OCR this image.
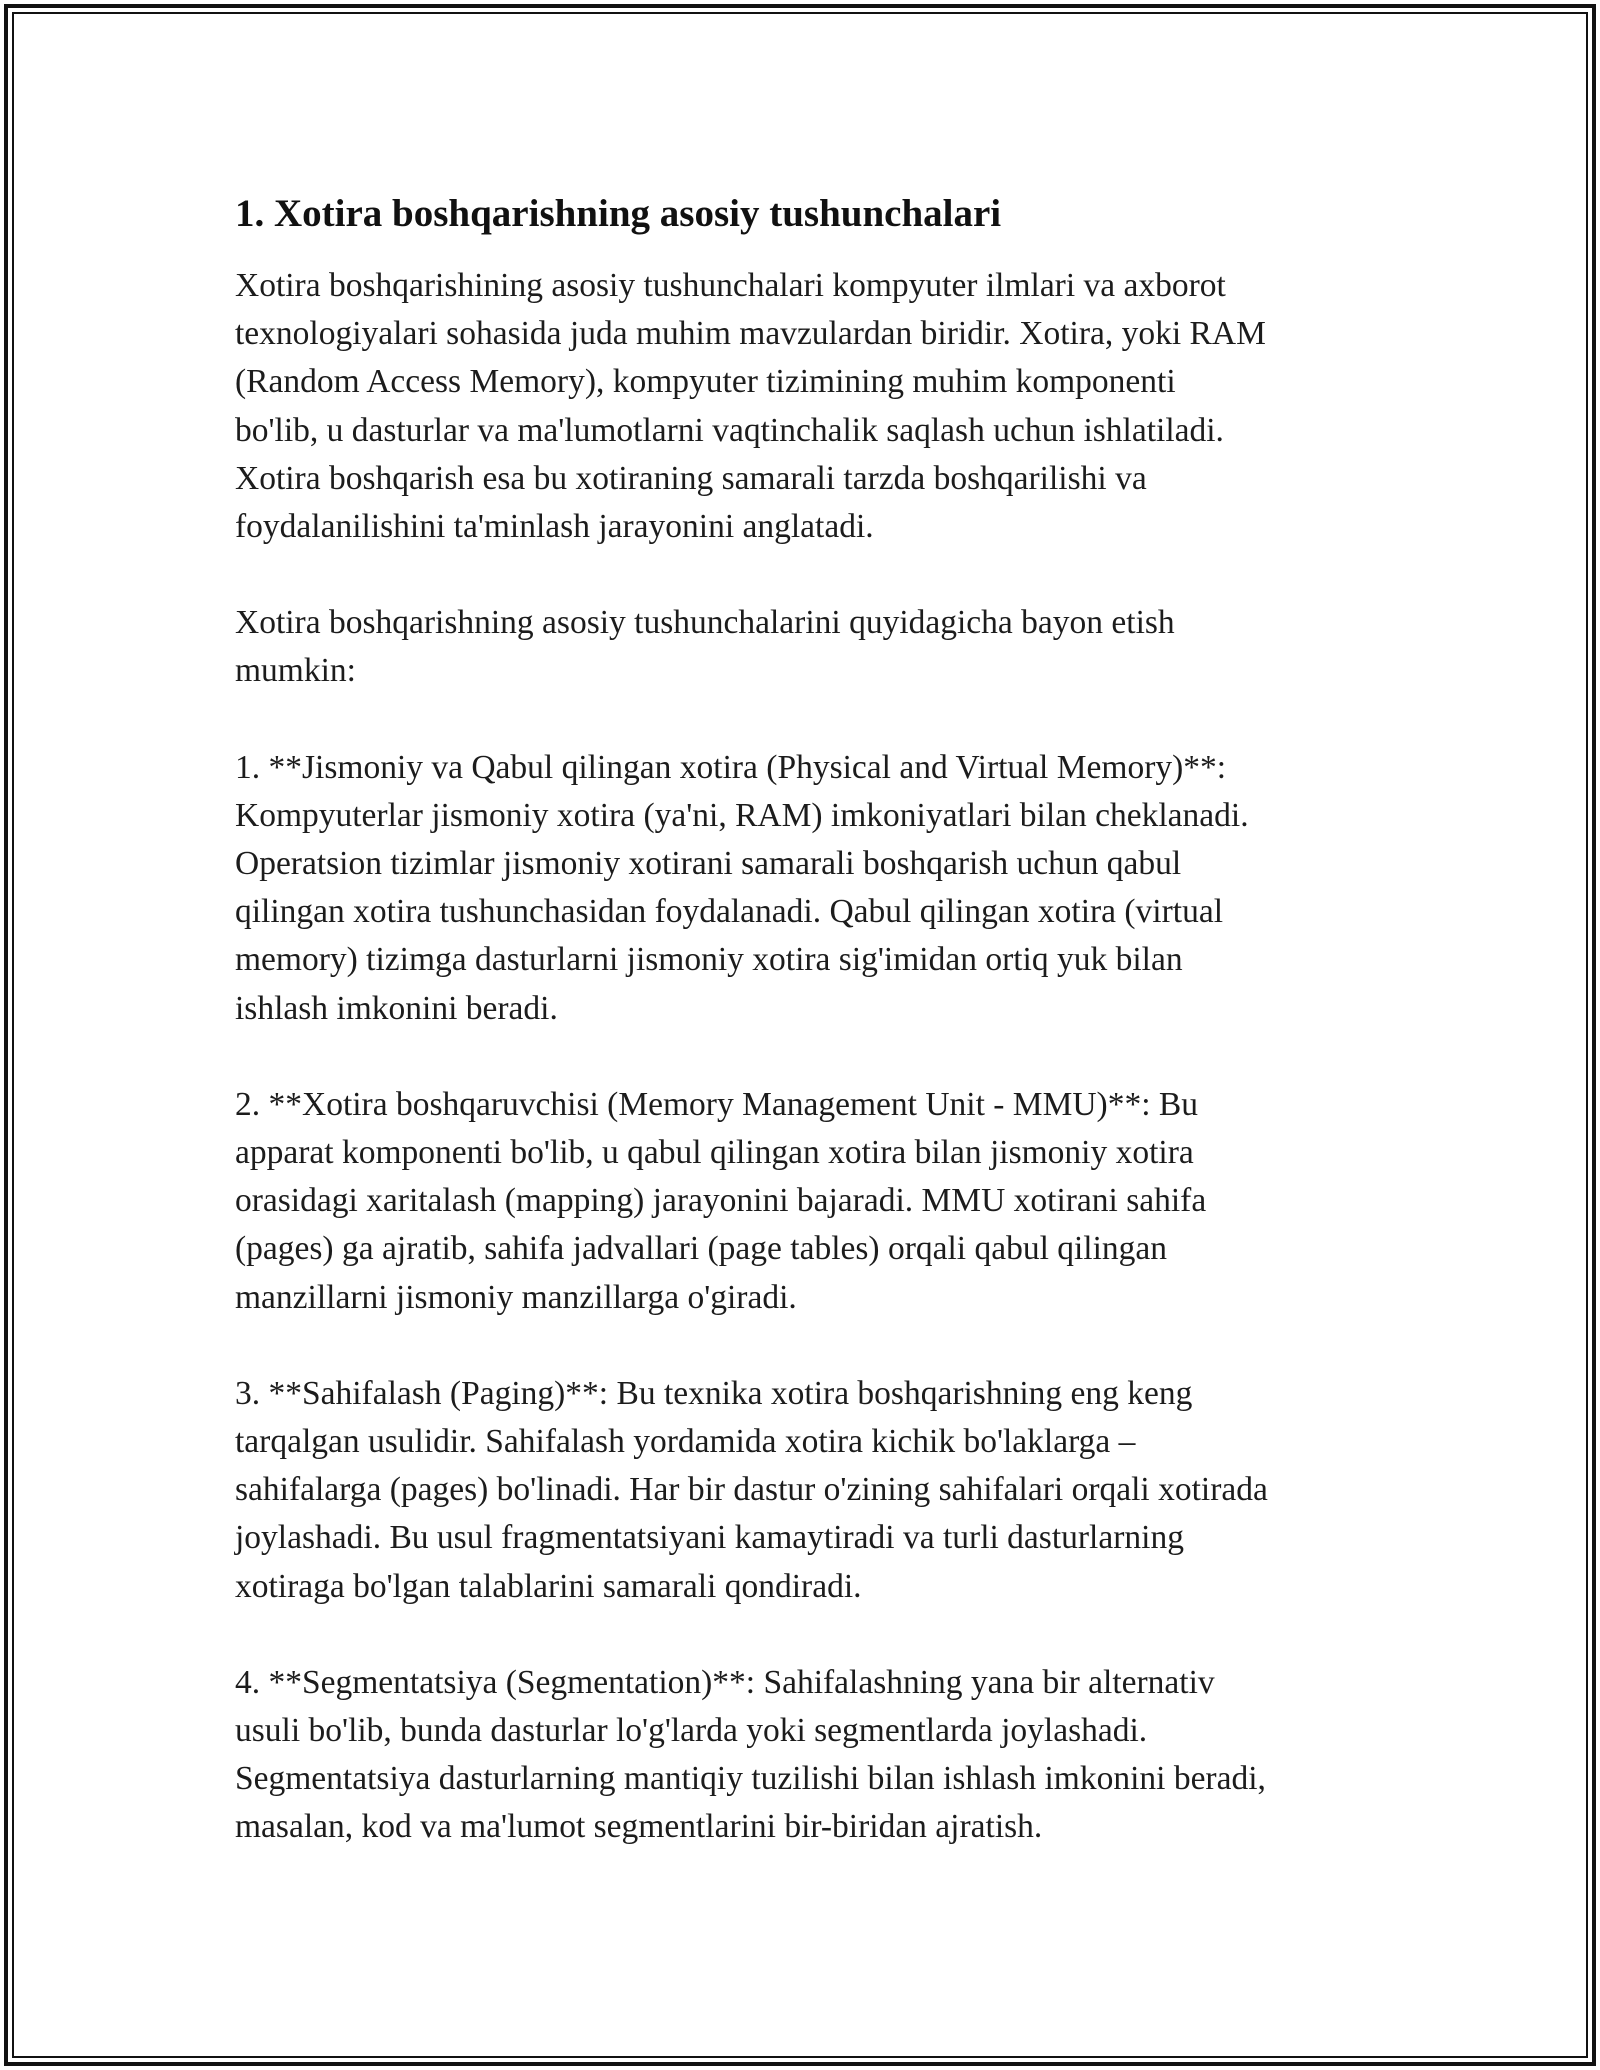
1. Xotira boshqarishning asosiy tushunchalari

Xotira boshqarishining asosiy tushunchalari kompyuter ilmlari va axborot
texnologiyalari sohasida juda muhim mavzulardan biridir. Xotira, yoki RAM
(Random Access Memory), kompyuter tizimining muhim komponenti
bo'lib, u dasturlar va ma'lumotlarni vaqtinchalik saqlash uchun ishlatiladi.
Xotira boshqarish esa bu xotiraning samarali tarzda boshqarilishi va
foydalanilishini ta'minlash jarayonini anglatadi.

Xotira boshqarishning asosiy tushunchalarini quyidagicha bayon etish
mumkin:

1. **Jismoniy va Qabul qilingan xotira (Physical and Virtual Memory)**:
Kompyuterlar jismoniy xotira (ya'ni, RAM) imkoniyatlari bilan cheklanadi.
Operatsion tizimlar jismoniy xotirani samarali boshqarish uchun qabul
qilingan xotira tushunchasidan foydalanadi. Qabul qilingan xotira (virtual
memory) tizimga dasturlarni jismoniy xotira sig'imidan ortiq yuk bilan
ishlash imkonini beradi.

2. **Xotira boshqaruvchisi (Memory Management Unit - MMU)**: Bu
apparat komponenti bo'lib, u qabul qilingan xotira bilan jismoniy xotira
orasidagi xaritalash (mapping) jarayonini bajaradi. MMU xotirani sahifa
(pages) ga ajratib, sahifa jadvallari (page tables) orqali qabul qilingan
manzillarni jismoniy manzillarga o'giradi.

3. **Sahifalash (Paging)**: Bu texnika xotira boshqarishning eng keng
tarqalgan usulidir. Sahifalash yordamida xotira kichik bo'laklarga –
sahifalarga (pages) bo'linadi. Har bir dastur o'zining sahifalari orqali xotirada
joylashadi. Bu usul fragmentatsiyani kamaytiradi va turli dasturlarning
xotiraga bo'lgan talablarini samarali qondiradi.

4. **Segmentatsiya (Segmentation)**: Sahifalashning yana bir alternativ
usuli bo'lib, bunda dasturlar lo'g'larda yoki segmentlarda joylashadi.
Segmentatsiya dasturlarning mantiqiy tuzilishi bilan ishlash imkonini beradi,
masalan, kod va ma'lumot segmentlarini bir-biridan ajratish.
